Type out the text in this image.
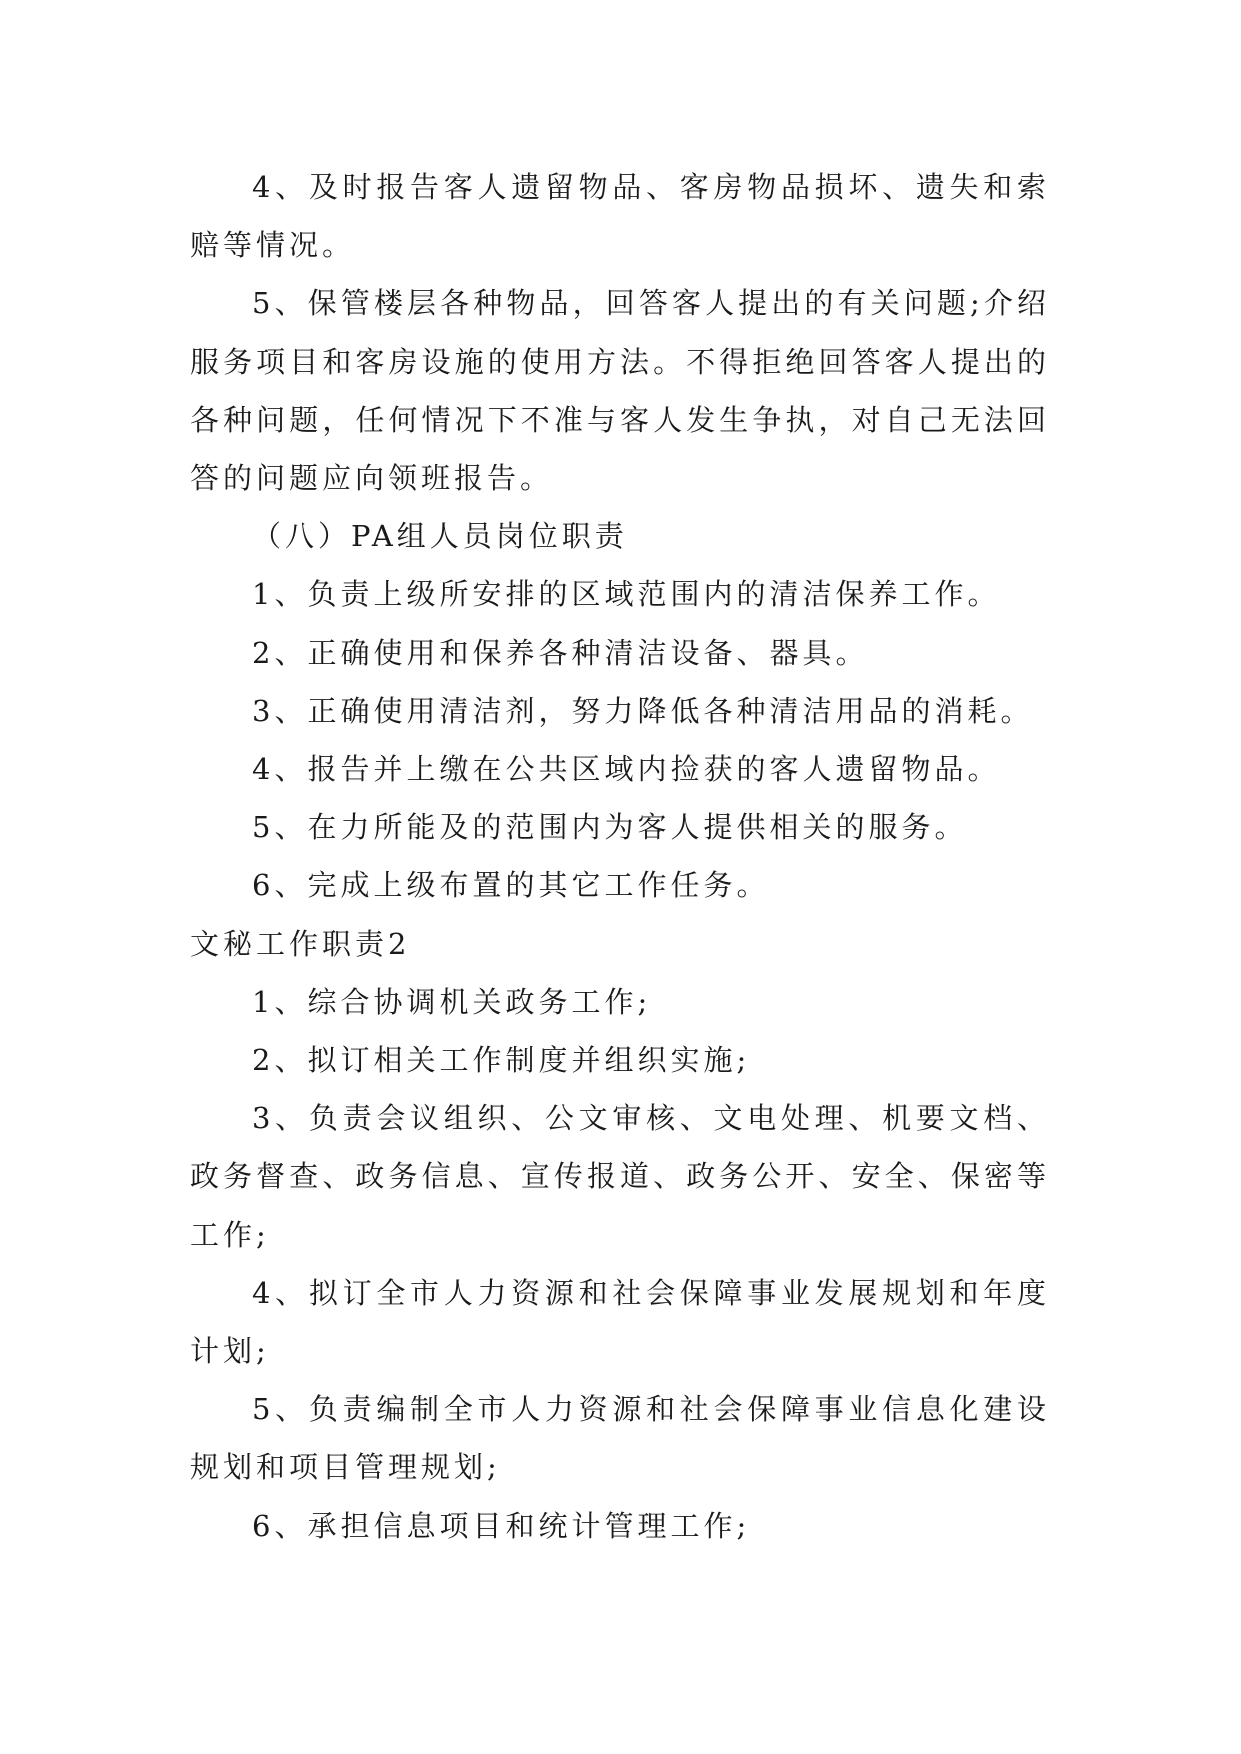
4、及时报告客人遗留物品、客房物品损坏、遗失和索赔等情况。

5、保管楼层各种物品，回答客人提出的有关问题;介绍服务项目和客房设施的使用方法。不得拒绝回答客人提出的各种问题，任何情况下不准与客人发生争执，对自己无法回答的问题应向领班报告。

（八）PA组人员岗位职责

1、负责上级所安排的区域范围内的清洁保养工作。

2、正确使用和保养各种清洁设备、器具。

3、正确使用清洁剂，努力降低各种清洁用品的消耗。

4、报告并上缴在公共区域内捡获的客人遗留物品。

5、在力所能及的范围内为客人提供相关的服务。

6、完成上级布置的其它工作任务。

文秘工作职责2

1、综合协调机关政务工作;

2、拟订相关工作制度并组织实施;

3、负责会议组织、公文审核、文电处理、机要文档、政务督查、政务信息、宣传报道、政务公开、安全、保密等工作;

4、拟订全市人力资源和社会保障事业发展规划和年度计划;

5、负责编制全市人力资源和社会保障事业信息化建设规划和项目管理规划;

6、承担信息项目和统计管理工作;
